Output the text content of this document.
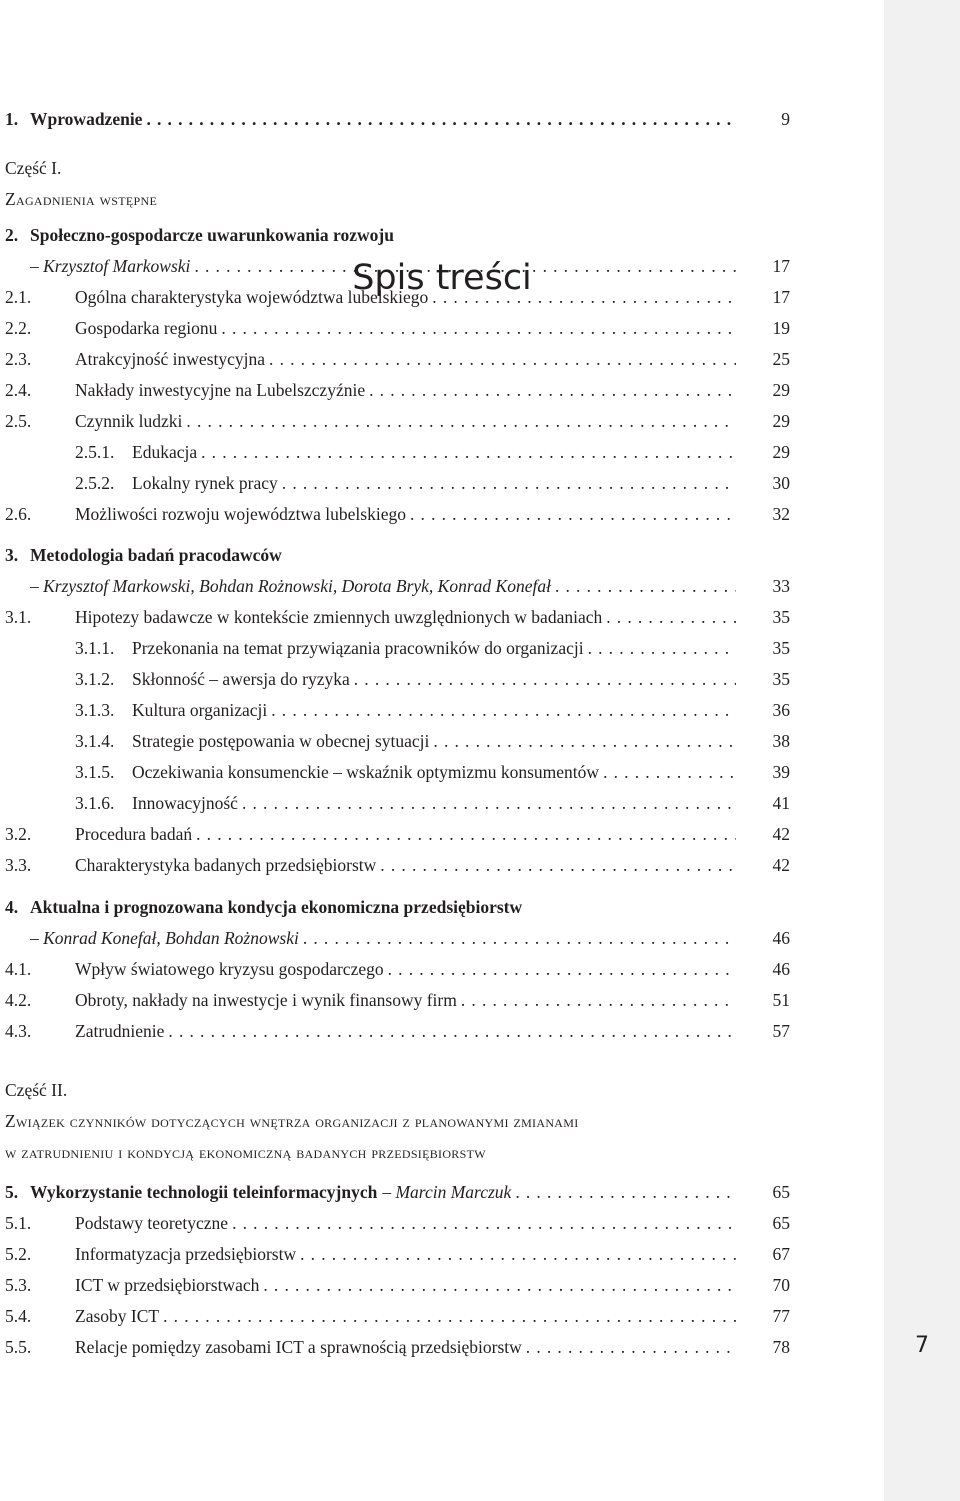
7
Spis treści
1. Wprowadzenie . . .	9
Część I.
Zagadnienia wstępne
2. Społeczno-gospodarcze uwarunkowania rozwoju
– Krzysztof Markowski . . .	17
2.1.	Ogólna charakterystyka województwa lubelskiego . . .	17
2.2.	Gospodarka regionu . . .	19
2.3.	Atrakcyjność inwestycyjna . . .	25
2.4.	Nakłady inwestycyjne na Lubelszczyźnie . . .	29
2.5.	Czynnik ludzki . . .	29
2.5.1. Edukacja . . .	29
2.5.2. Lokalny rynek pracy . . .	30
2.6.	Możliwości rozwoju województwa lubelskiego . . .	32
3. Metodologia badań pracodawców
– Krzysztof Markowski, Bohdan Rożnowski, Dorota Bryk, Konrad Konefał . . .	33
3.1.	Hipotezy badawcze w kontekście zmiennych uwzględnionych w badaniach . . .	35
3.1.1. Przekonania na temat przywiązania pracowników do organizacji . . .	35
3.1.2. Skłonność – awersja do ryzyka . . .	35
3.1.3. Kultura organizacji . . .	36
3.1.4. Strategie postępowania w obecnej sytuacji . . .	38
3.1.5. Oczekiwania konsumenckie – wskaźnik optymizmu konsumentów . . .	39
3.1.6. Innowacyjność . . .	41
3.2.	Procedura badań . . .	42
3.3.	Charakterystyka badanych przedsiębiorstw . . .	42
4. Aktualna i prognozowana kondycja ekonomiczna przedsiębiorstw
– Konrad Konefał, Bohdan Rożnowski . . .	46
4.1.	Wpływ światowego kryzysu gospodarczego . . .	46
4.2.	Obroty, nakłady na inwestycje i wynik finansowy firm . . .	51
4.3.	Zatrudnienie . . .	57
Część II.
Związek czynników dotyczących wnętrza organizacji z planowanymi zmianami
w zatrudnieniu i kondycją ekonomiczną badanych przedsiębiorstw
5. Wykorzystanie technologii teleinformacyjnych – Marcin Marczuk . . .	65
5.1.	Podstawy teoretyczne . . .	65
5.2.	Informatyzacja przedsiębiorstw . . .	67
5.3.	ICT w przedsiębiorstwach . . .	70
5.4.	Zasoby ICT . . .	77
5.5.	Relacje pomiędzy zasobami ICT a sprawnością przedsiębiorstw . . .	78
